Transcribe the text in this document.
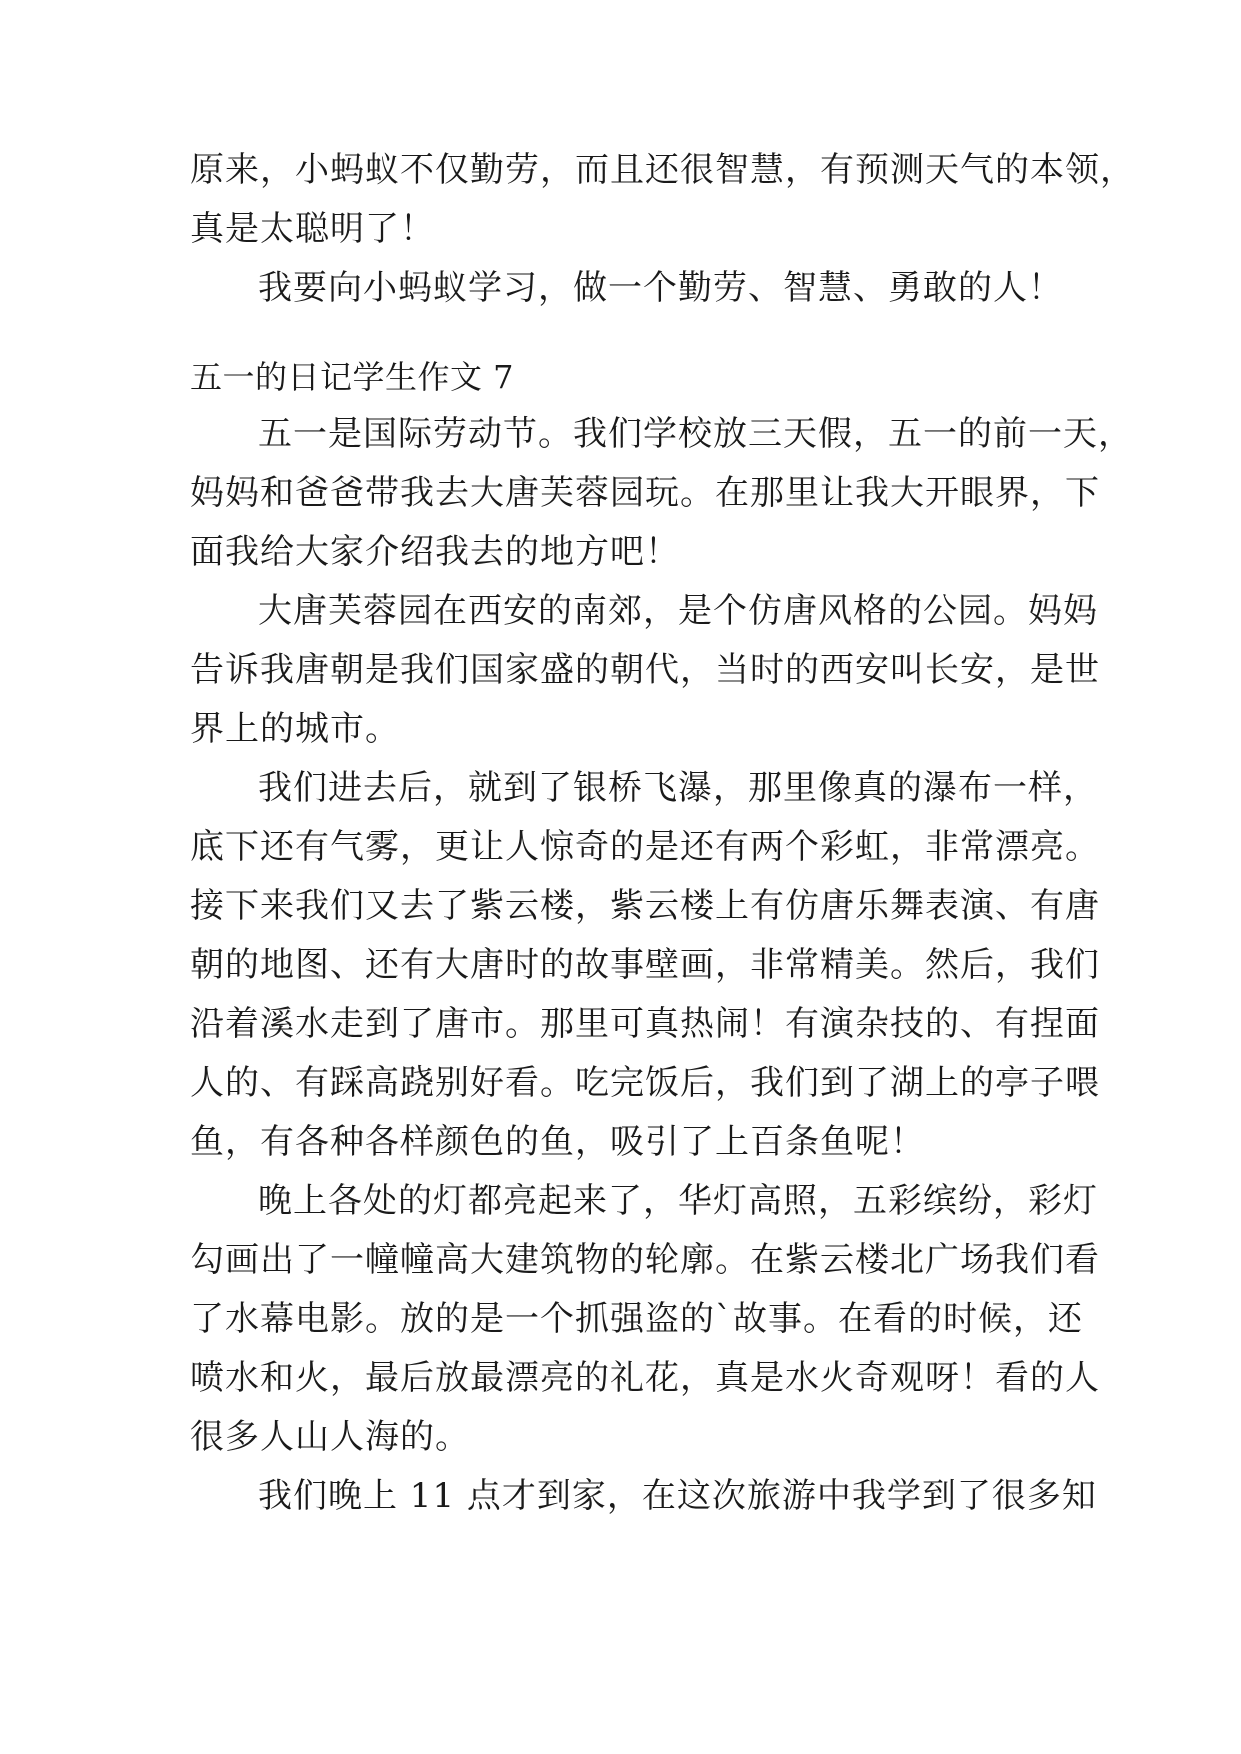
原来，小蚂蚁不仅勤劳，而且还很智慧，有预测天气的本领，
真是太聪明了！
我要向小蚂蚁学习，做一个勤劳、智慧、勇敢的人！
五一的日记学生作文 7
五一是国际劳动节。我们学校放三天假，五一的前一天，
妈妈和爸爸带我去大唐芙蓉园玩。在那里让我大开眼界，下
面我给大家介绍我去的地方吧！
大唐芙蓉园在西安的南郊，是个仿唐风格的公园。妈妈
告诉我唐朝是我们国家盛的朝代，当时的西安叫长安，是世
界上的城市。
我们进去后，就到了银桥飞瀑，那里像真的瀑布一样，
底下还有气雾，更让人惊奇的是还有两个彩虹，非常漂亮。
接下来我们又去了紫云楼，紫云楼上有仿唐乐舞表演、有唐
朝的地图、还有大唐时的故事壁画，非常精美。然后，我们
沿着溪水走到了唐市。那里可真热闹！有演杂技的、有捏面
人的、有踩高跷别好看。吃完饭后，我们到了湖上的亭子喂
鱼，有各种各样颜色的鱼，吸引了上百条鱼呢！
晚上各处的灯都亮起来了，华灯高照，五彩缤纷，彩灯
勾画出了一幢幢高大建筑物的轮廓。在紫云楼北广场我们看
了水幕电影。放的是一个抓强盗的`故事。在看的时候，还
喷水和火，最后放最漂亮的礼花，真是水火奇观呀！看的人
很多人山人海的。
我们晚上 11 点才到家，在这次旅游中我学到了很多知
